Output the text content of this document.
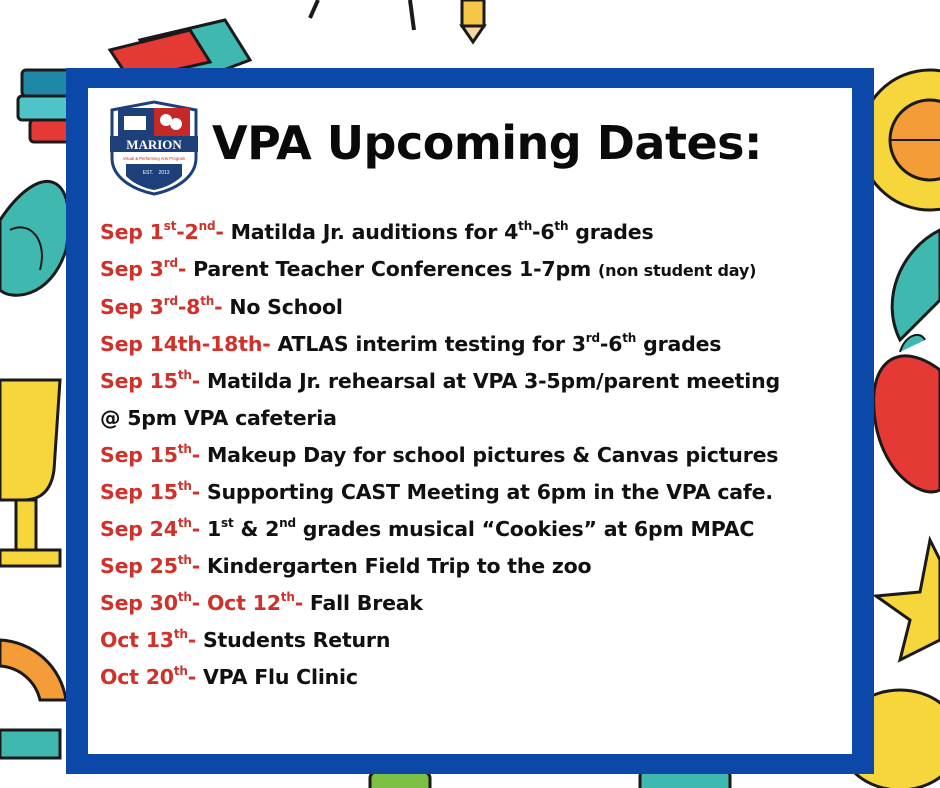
MARION
Visual & Performing Arts Program
EST. 2013
VPA Upcoming Dates:
Sep 1st-2nd- Matilda Jr. auditions for 4th-6th grades
Sep 3rd- Parent Teacher Conferences 1-7pm (non student day)
Sep 3rd-8th- No School
Sep 14th-18th- ATLAS interim testing for 3rd-6th grades
Sep 15th- Matilda Jr. rehearsal at VPA 3-5pm/parent meeting
@ 5pm VPA cafeteria
Sep 15th- Makeup Day for school pictures & Canvas pictures
Sep 15th- Supporting CAST Meeting at 6pm in the VPA cafe.
Sep 24th- 1st & 2nd grades musical “Cookies” at 6pm MPAC
Sep 25th- Kindergarten Field Trip to the zoo
Sep 30th- Oct 12th- Fall Break
Oct 13th- Students Return
Oct 20th- VPA Flu Clinic
